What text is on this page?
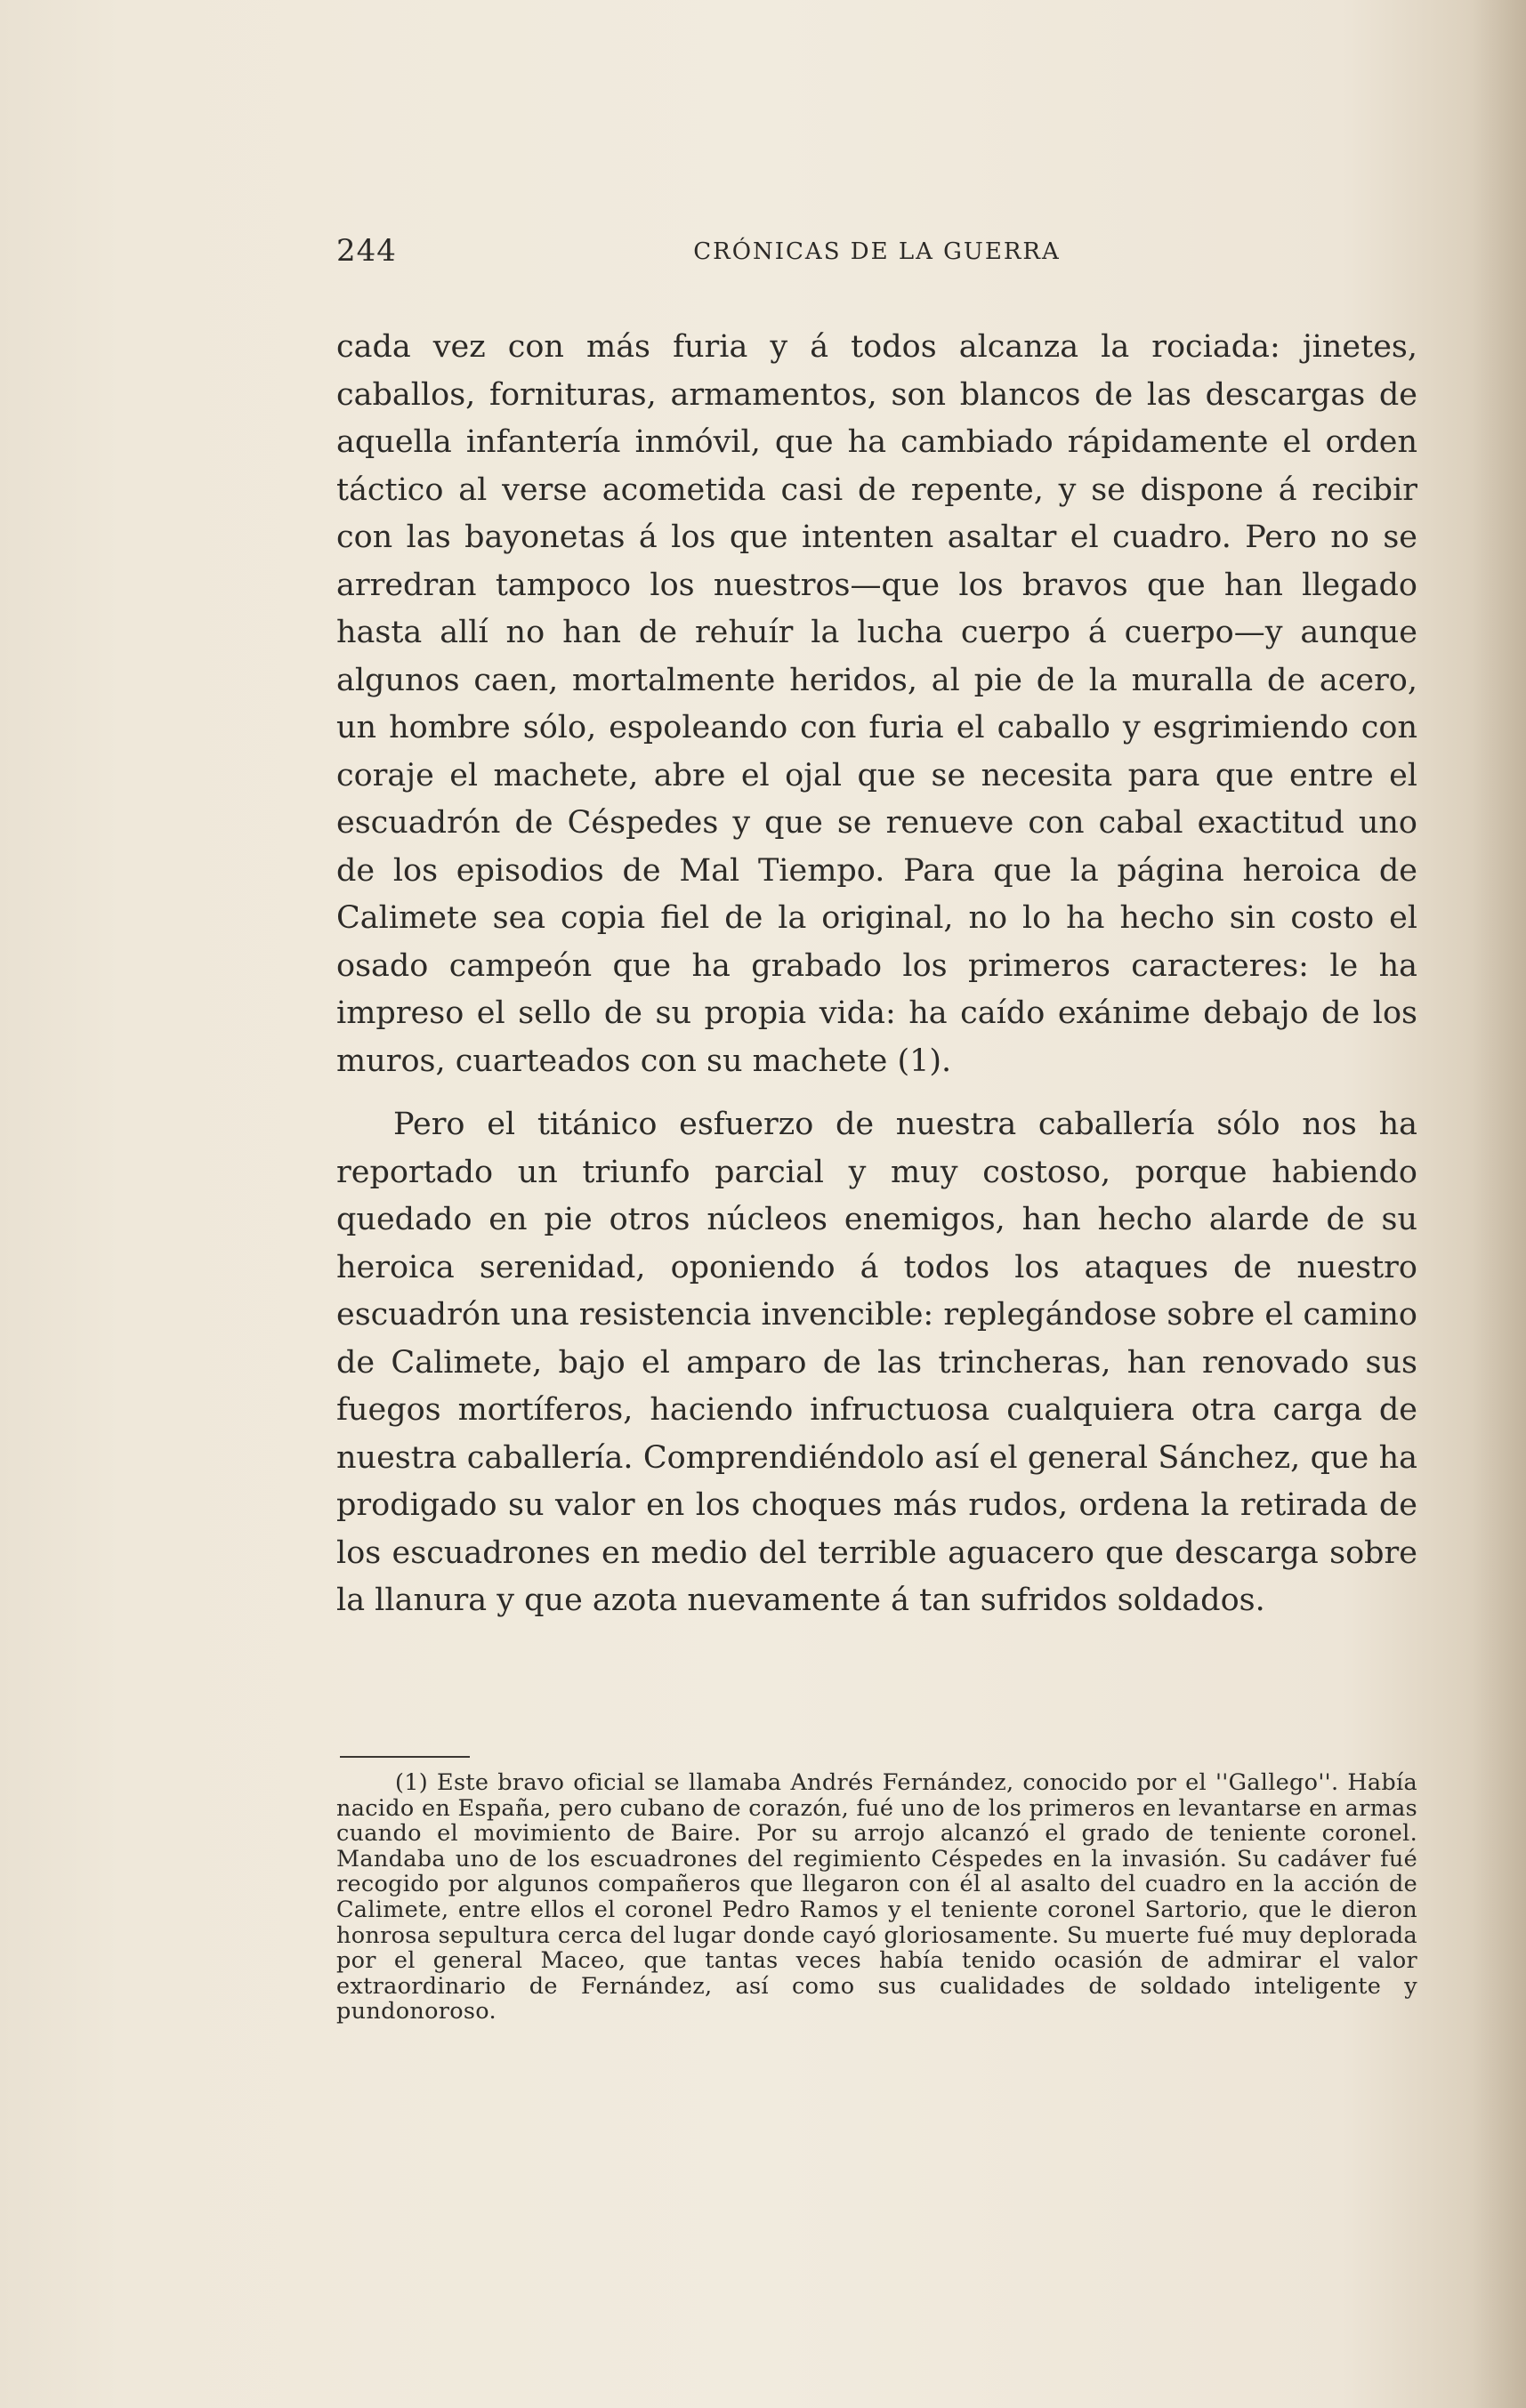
244	CRÓNICAS DE LA GUERRA

cada vez con más furia y á todos alcanza la rociada: jinetes, caballos, fornituras, armamentos, son blancos de las descargas de aquella infantería inmóvil, que ha cambiado rápidamente el orden táctico al verse acometida casi de repente, y se dispone á recibir con las bayonetas á los que intenten asaltar el cuadro. Pero no se arredran tampoco los nuestros—que los bravos que han llegado hasta allí no han de rehuír la lucha cuerpo á cuerpo—y aunque algunos caen, mortalmente heridos, al pie de la muralla de acero, un hombre sólo, espoleando con furia el caballo y esgrimiendo con coraje el machete, abre el ojal que se necesita para que entre el escuadrón de Céspedes y que se renueve con cabal exactitud uno de los episodios de Mal Tiempo. Para que la página heroica de Calimete sea copia fiel de la original, no lo ha hecho sin costo el osado campeón que ha grabado los primeros caracteres: le ha impreso el sello de su propia vida: ha caído exánime debajo de los muros, cuarteados con su machete (1).

Pero el titánico esfuerzo de nuestra caballería sólo nos ha reportado un triunfo parcial y muy costoso, porque habiendo quedado en pie otros núcleos enemigos, han hecho alarde de su heroica serenidad, oponiendo á todos los ataques de nuestro escuadrón una resistencia invencible: replegándose sobre el camino de Calimete, bajo el amparo de las trincheras, han renovado sus fuegos mortíferos, haciendo infructuosa cualquiera otra carga de nuestra caballería. Comprendiéndolo así el general Sánchez, que ha prodigado su valor en los choques más rudos, ordena la retirada de los escuadrones en medio del terrible aguacero que descarga sobre la llanura y que azota nuevamente á tan sufridos soldados.

(1) Este bravo oficial se llamaba Andrés Fernández, conocido por el ''Gallego''. Había nacido en España, pero cubano de corazón, fué uno de los primeros en levantarse en armas cuando el movimiento de Baire. Por su arrojo alcanzó el grado de teniente coronel. Mandaba uno de los escuadrones del regimiento Céspedes en la invasión. Su cadáver fué recogido por algunos compañeros que llegaron con él al asalto del cuadro en la acción de Calimete, entre ellos el coronel Pedro Ramos y el teniente coronel Sartorio, que le dieron honrosa sepultura cerca del lugar donde cayó gloriosamente. Su muerte fué muy deplorada por el general Maceo, que tantas veces había tenido ocasión de admirar el valor extraordinario de Fernández, así como sus cualidades de soldado inteligente y pundonoroso.
